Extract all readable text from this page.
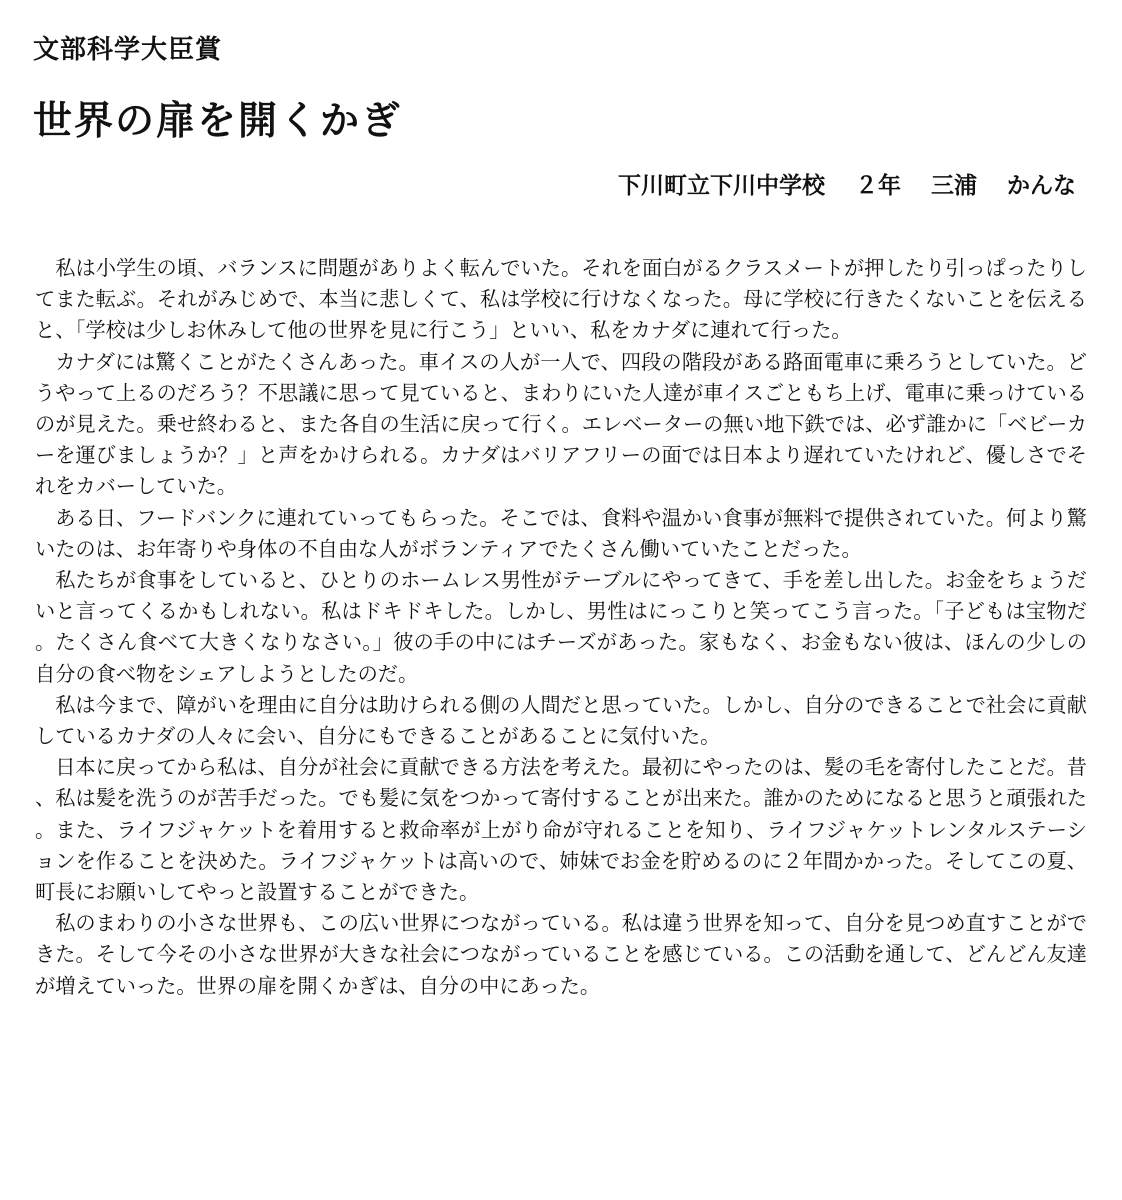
文部科学大臣賞
世界の扉を開くかぎ
下川町立下川中学校 ２年 三浦 かんな

私は小学生の頃、バランスに問題がありよく転んでいた。それを面白がるクラスメートが押したり引っぱったりしてまた転ぶ。それがみじめで、本当に悲しくて、私は学校に行けなくなった。母に学校に行きたくないことを伝えると、「学校は少しお休みして他の世界を見に行こう」といい、私をカナダに連れて行った。

カナダには驚くことがたくさんあった。車イスの人が一人で、四段の階段がある路面電車に乗ろうとしていた。どうやって上るのだろう？不思議に思って見ていると、まわりにいた人達が車イスごともち上げ、電車に乗っけているのが見えた。乗せ終わると、また各自の生活に戻って行く。エレベーターの無い地下鉄では、必ず誰かに「ベビーカーを運びましょうか？」と声をかけられる。カナダはバリアフリーの面では日本より遅れていたけれど、優しさでそれをカバーしていた。

ある日、フードバンクに連れていってもらった。そこでは、食料や温かい食事が無料で提供されていた。何より驚いたのは、お年寄りや身体の不自由な人がボランティアでたくさん働いていたことだった。

私たちが食事をしていると、ひとりのホームレス男性がテーブルにやってきて、手を差し出した。お金をちょうだいと言ってくるかもしれない。私はドキドキした。しかし、男性はにっこりと笑ってこう言った。「子どもは宝物だ。たくさん食べて大きくなりなさい。」彼の手の中にはチーズがあった。家もなく、お金もない彼は、ほんの少しの自分の食べ物をシェアしようとしたのだ。

私は今まで、障がいを理由に自分は助けられる側の人間だと思っていた。しかし、自分のできることで社会に貢献しているカナダの人々に会い、自分にもできることがあることに気付いた。

日本に戻ってから私は、自分が社会に貢献できる方法を考えた。最初にやったのは、髪の毛を寄付したことだ。昔、私は髪を洗うのが苦手だった。でも髪に気をつかって寄付することが出来た。誰かのためになると思うと頑張れた。また、ライフジャケットを着用すると救命率が上がり命が守れることを知り、ライフジャケットレンタルステーションを作ることを決めた。ライフジャケットは高いので、姉妹でお金を貯めるのに２年間かかった。そしてこの夏、町長にお願いしてやっと設置することができた。

私のまわりの小さな世界も、この広い世界につながっている。私は違う世界を知って、自分を見つめ直すことができた。そして今その小さな世界が大きな社会につながっていることを感じている。この活動を通して、どんどん友達が増えていった。世界の扉を開くかぎは、自分の中にあった。
